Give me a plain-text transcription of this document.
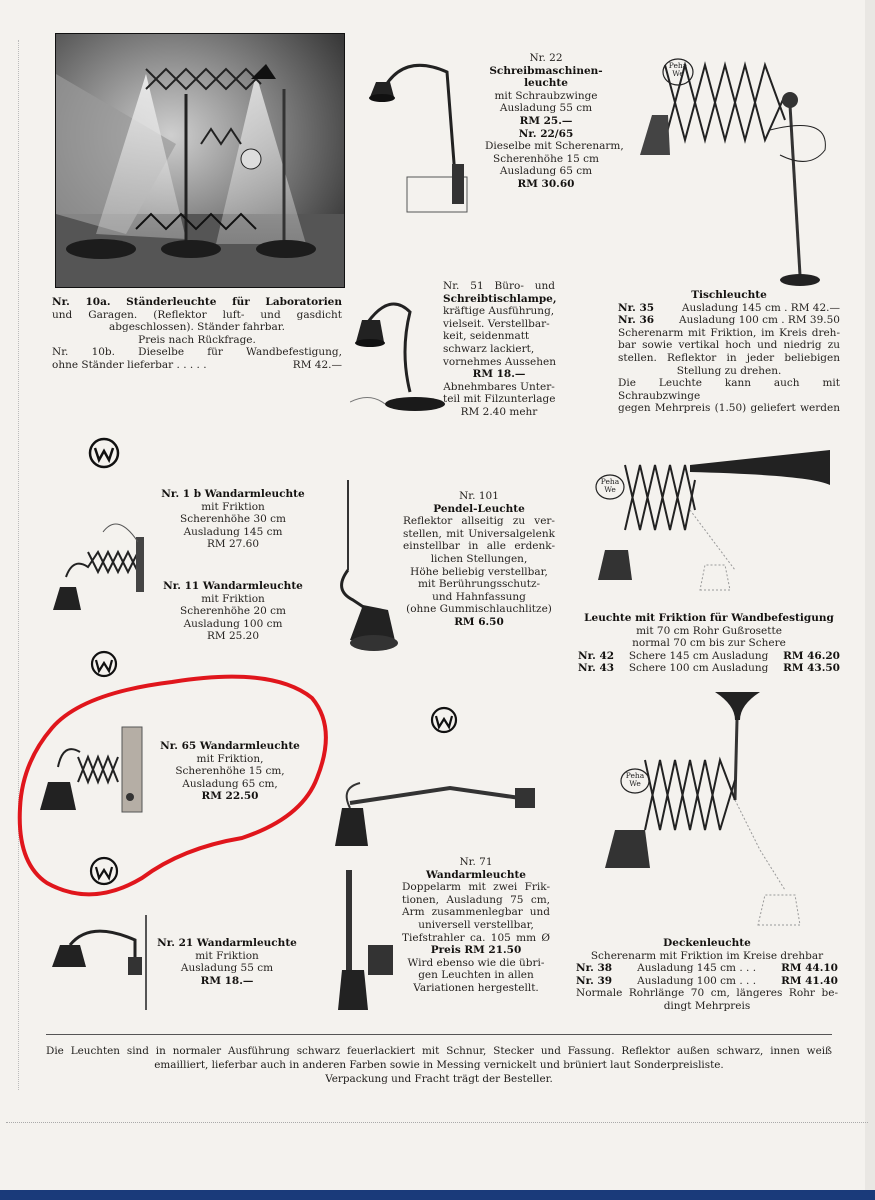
Nr. 10a. Ständerleuchte für Laboratorien
und Garagen. (Reflektor luft- und gasdicht
abgeschlossen). Ständer fahrbar.
Preis nach Rückfrage.
Nr. 10b. Dieselbe für Wandbefestigung,
ohne Ständer lieferbar . . . . .	RM 42.—
Nr. 22
Schreibmaschinen-
leuchte
mit Schraubzwinge
Ausladung 55 cm
RM 25.—
Nr. 22/65
Dieselbe mit Scherenarm,
Scherenhöhe 15 cm
Ausladung 65 cm
RM 30.60
Peha
We
Tischleuchte
Nr. 35	Ausladung 145 cm . RM 42.—
Nr. 36 Ausladung 100 cm . RM 39.50
Scherenarm mit Friktion, im Kreis dreh-
bar sowie vertikal hoch und niedrig zu
stellen. Reflektor in jeder beliebigen
Stellung zu drehen.
Die Leuchte kann auch mit Schraubzwinge
gegen Mehrpreis (1.50) geliefert werden
Nr. 51 Büro- und
Schreibtischlampe,
kräftige Ausführung,
vielseit. Verstellbar-
keit, seidenmatt
schwarz lackiert,
vornehmes Aussehen
RM 18.—
Abnehmbares Unter-
teil mit Filzunterlage
RM 2.40 mehr
Nr. 1 b Wandarmleuchte
mit Friktion
Scherenhöhe 30 cm
Ausladung 145 cm
RM 27.60
Nr. 11 Wandarmleuchte
mit Friktion
Scherenhöhe 20 cm
Ausladung 100 cm
RM 25.20
Nr. 101
Pendel-Leuchte
Reflektor allseitig zu ver-
stellen, mit Universalgelenk
einstellbar in alle erdenk-
lichen Stellungen,
Höhe beliebig verstellbar,
mit Berührungsschutz-
und Hahnfassung
(ohne Gummischlauchlitze)
RM 6.50
Peha
We
Leuchte mit Friktion für Wandbefestigung
mit 70 cm Rohr Gußrosette
normal 70 cm bis zur Schere
Nr. 42 Schere 145 cm Ausladung RM 46.20
Nr. 43 Schere 100 cm Ausladung RM 43.50
Nr. 65 Wandarmleuchte
mit Friktion,
Scherenhöhe 15 cm,
Ausladung 65 cm,
RM 22.50
Nr. 71
Wandarmleuchte
Doppelarm mit zwei Frik-
tionen, Ausladung 75 cm,
Arm zusammenlegbar und
universell verstellbar,
Tiefstrahler ca. 105 mm Ø
Preis RM 21.50
Wird ebenso wie die übri-
gen Leuchten in allen
Variationen hergestellt.
Peha
We
Deckenleuchte
Scherenarm mit Friktion im Kreise drehbar
Nr. 38 Ausladung 145 cm . . . RM 44.10
Nr. 39 Ausladung 100 cm . . . RM 41.40
Normale Rohrlänge 70 cm, längeres Rohr be-
dingt Mehrpreis
Nr. 21 Wandarmleuchte
mit Friktion
Ausladung 55 cm
RM 18.—
Die Leuchten sind in normaler Ausführung schwarz feuerlackiert mit Schnur, Stecker und Fassung. Reflektor außen schwarz, innen weiß
emailliert, lieferbar auch in anderen Farben sowie in Messing vernickelt und brüniert laut Sonderpreisliste.
Verpackung und Fracht trägt der Besteller.
